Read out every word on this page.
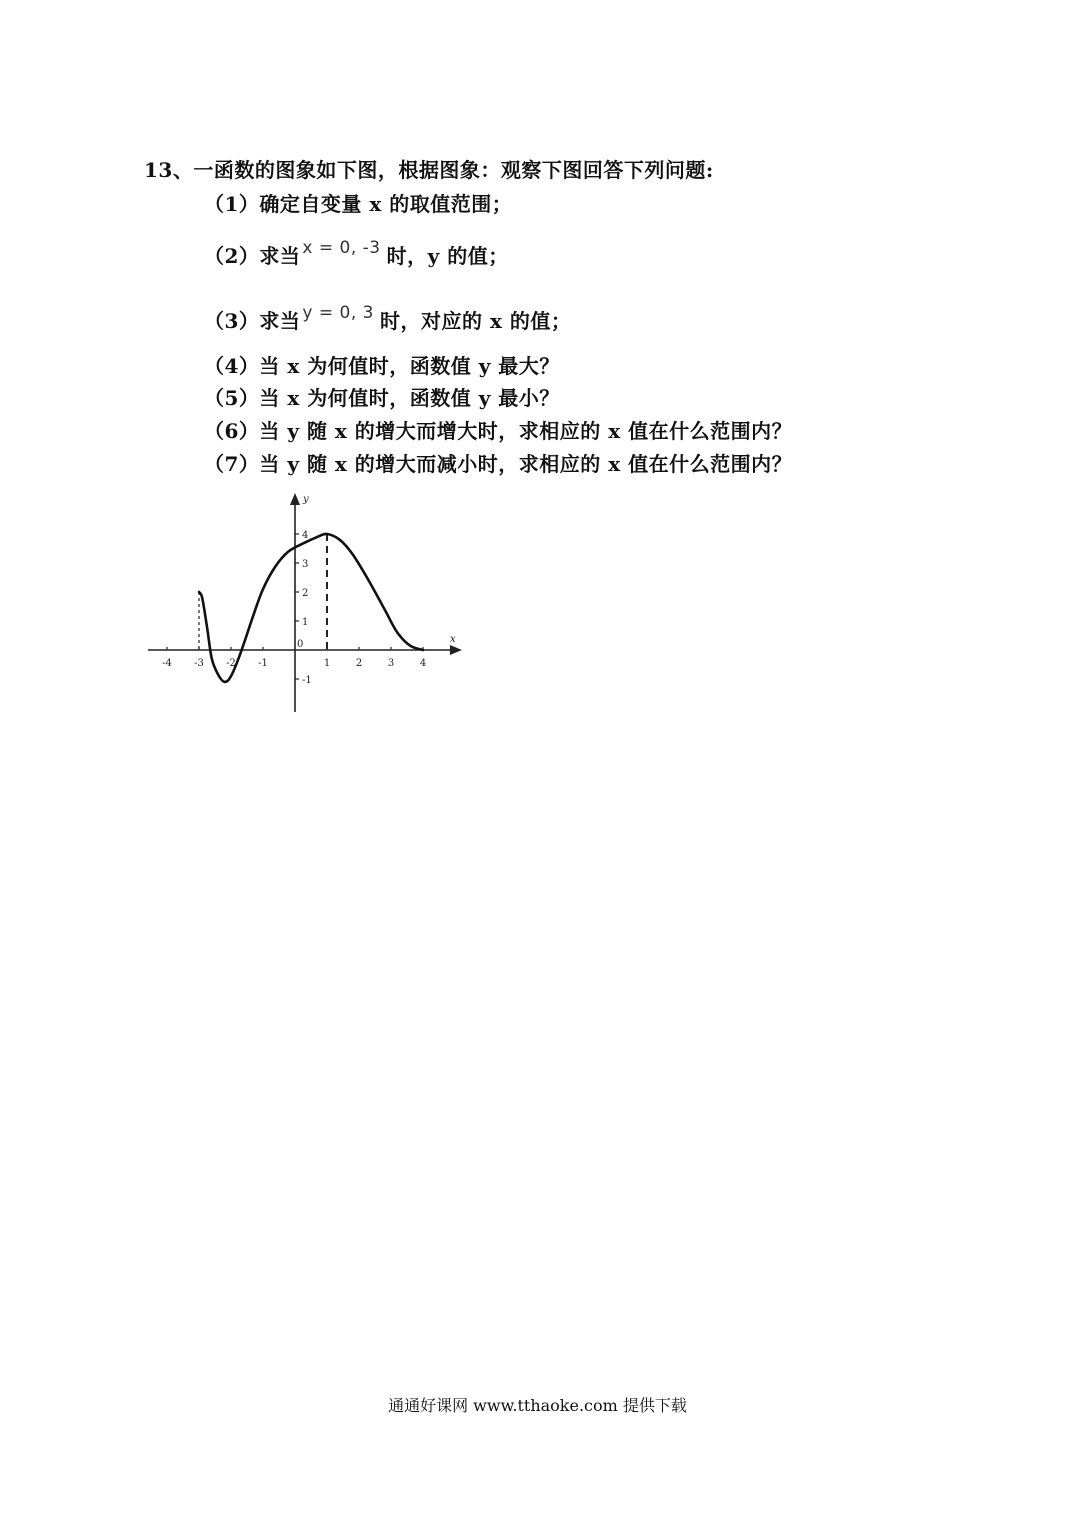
13、一函数的图象如下图，根据图象：观察下图回答下列问题:
（1）确定自变量 x 的取值范围；
（2）求当 $^{x = 0, -3}$ 时，y 的值；
（3）求当 $^{y = 0, 3}$ 时，对应的 x 的值；
（4）当 x 为何值时，函数值 y 最大？
（5）当 x 为何值时，函数值 y 最小？
（6）当 y 随 x 的增大而增大时，求相应的 x 值在什么范围内？
（7）当 y 随 x 的增大而减小时，求相应的 x 值在什么范围内？
x
y
0
-4 -3 -2 -1	1	2	3	4
4
3
2
1
-1
通通好课网 www.tthaoke.com 提供下载
